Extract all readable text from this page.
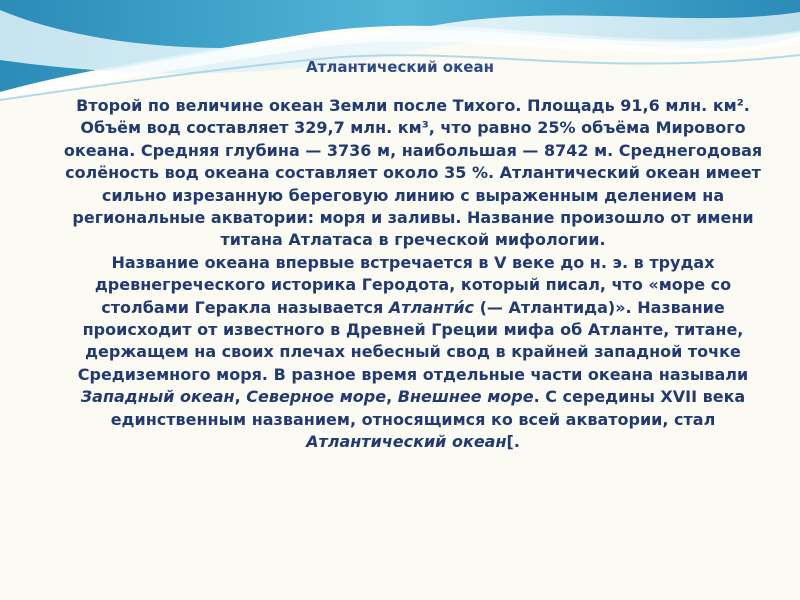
Атлантический океан

Второй по величине океан Земли после Тихого. Площадь 91,6 млн. км². Объём вод составляет 329,7 млн. км³, что равно 25% объёма Мирового океана. Средняя глубина — 3736 м, наибольшая — 8742 м. Среднегодовая солёность вод океана составляет около 35 %. Атлантический океан имеет сильно изрезанную береговую линию с выраженным делением на региональные акватории: моря и заливы. Название произошло от имени титана Атлатаса в греческой мифологии.

Название океана впервые встречается в V веке до н. э. в трудах древнегреческого историка Геродота, который писал, что «море со столбами Геракла называется Атланти́с (— Атлантида)». Название происходит от известного в Древней Греции мифа об Атланте, титане, держащем на своих плечах небесный свод в крайней западной точке Средиземного моря. В разное время отдельные части океана называли Западный океан, Северное море, Внешнее море. С середины XVII века единственным названием, относящимся ко всей акватории, стал Атлантический океан[.
